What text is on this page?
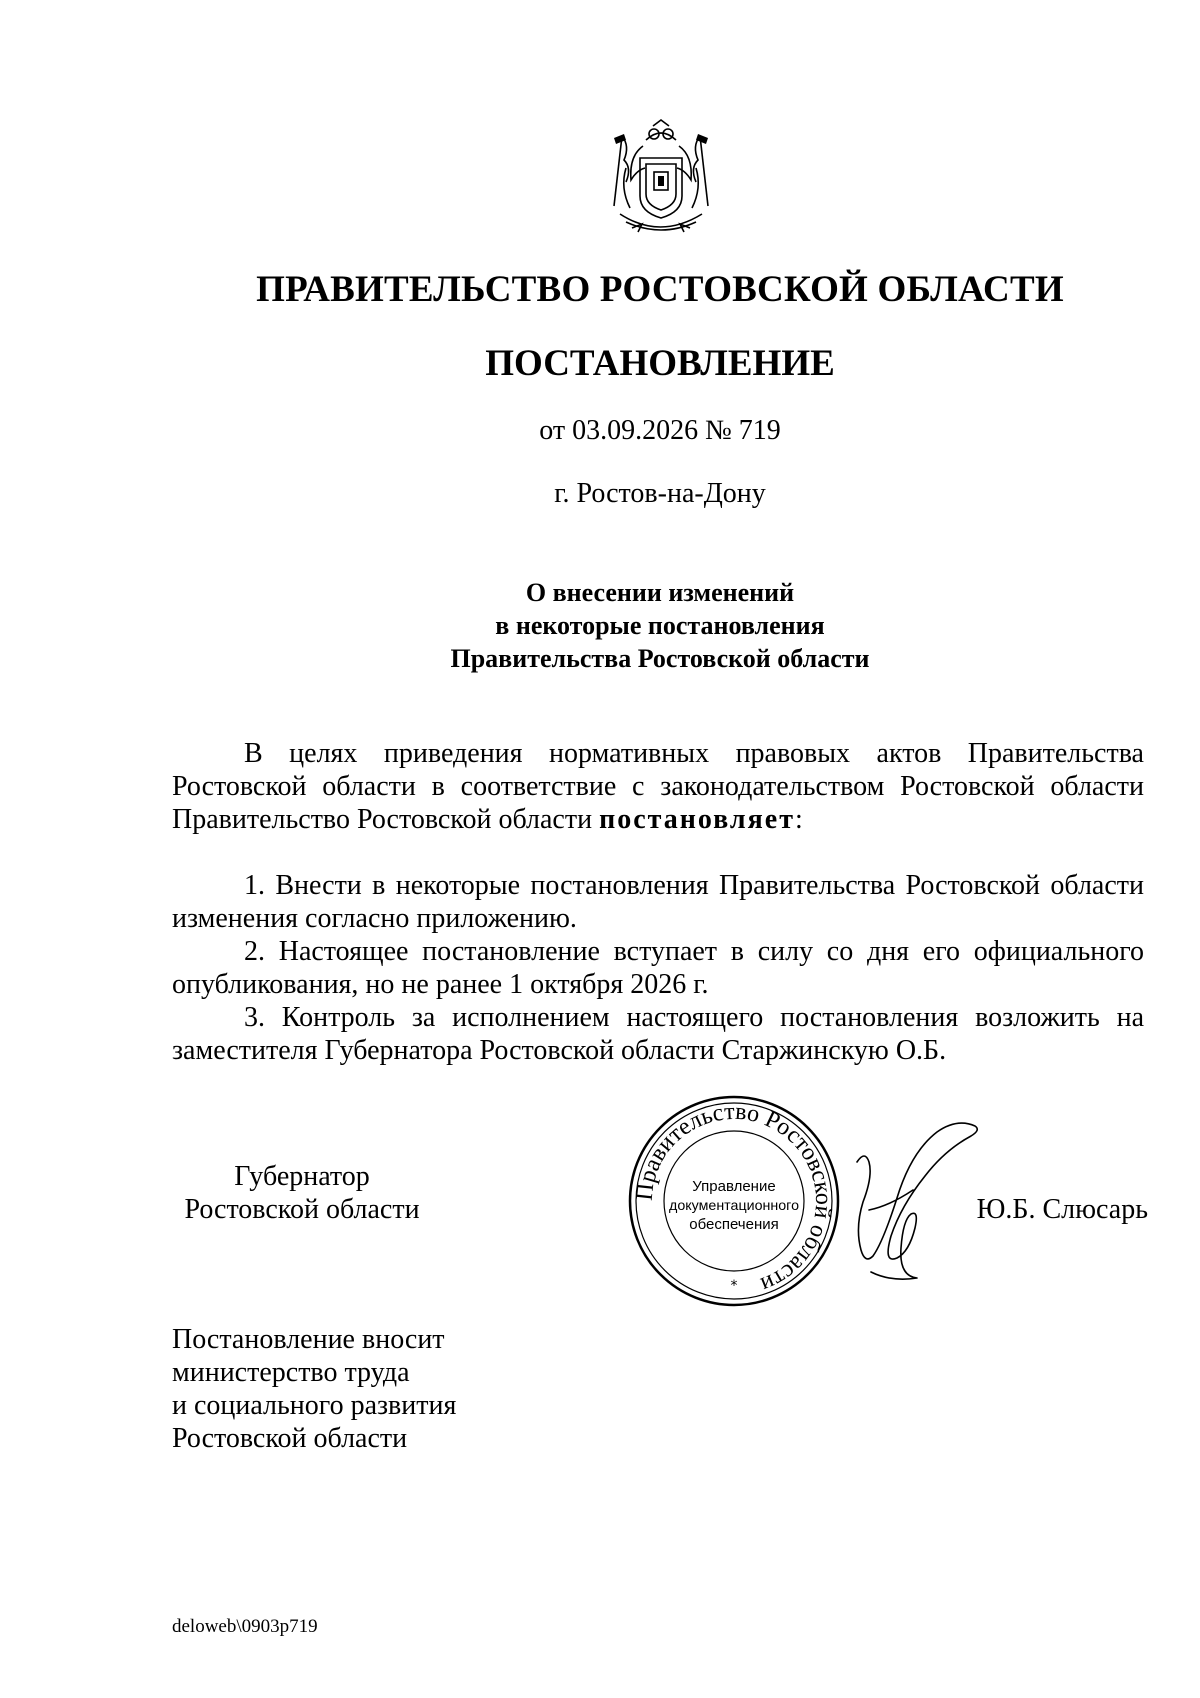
ПРАВИТЕЛЬСТВО РОСТОВСКОЙ ОБЛАСТИ
ПОСТАНОВЛЕНИЕ
от 03.09.2026 № 719
г. Ростов-на-Дону
О внесении изменений
в некоторые постановления
Правительства Ростовской области

В целях приведения нормативных правовых актов Правительства Ростовской области в соответствие с законодательством Ростовской области Правительство Ростовской области постановляет:

1. Внести в некоторые постановления Правительства Ростовской области изменения согласно приложению.

2. Настоящее постановление вступает в силу со дня его официального опубликования, но не ранее 1 октября 2026 г.

3. Контроль за исполнением настоящего постановления возложить на заместителя Губернатора Ростовской области Старжинскую О.Б.

Губернатор
Ростовской области
Правительство Ростовской области
Управление
документационного
обеспечения
*
Ю.Б. Слюсарь
Постановление вносит
министерство труда
и социального развития
Ростовской области
deloweb\0903p719
